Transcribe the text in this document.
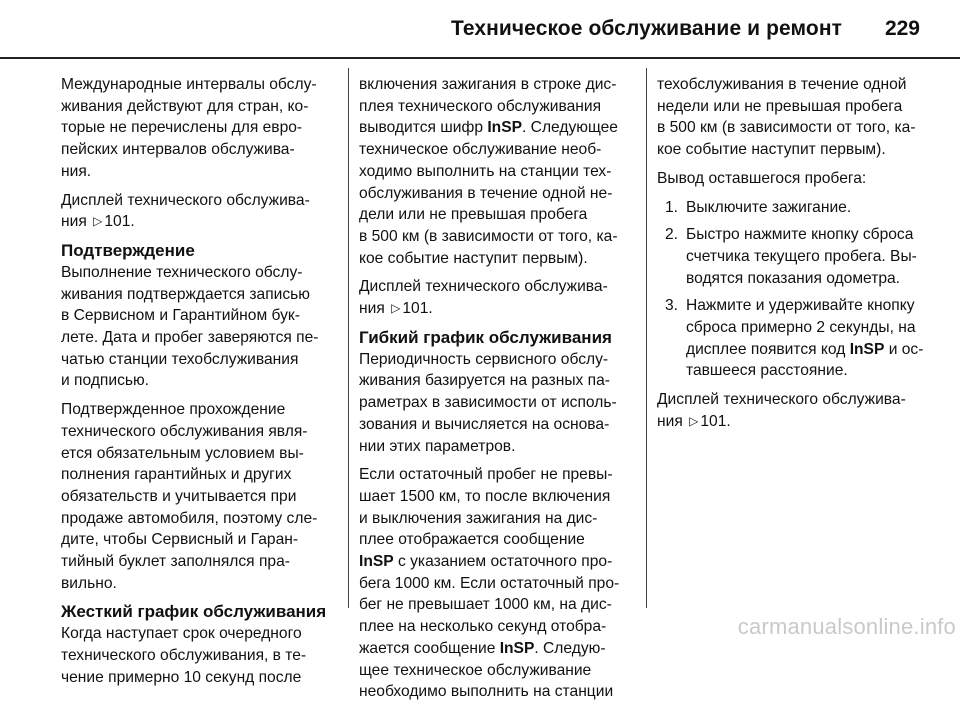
Техническое обслуживание и ремонт 229
Международные интервалы обслу-
живания действуют для стран, ко-
торые не перечислены для евро-
пейских интервалов обслужива-
ния.
Дисплей технического обслужива-
ния ▷ 101.
Подтверждение
Выполнение технического обслу-
живания подтверждается записью
в Сервисном и Гарантийном бук-
лете. Дата и пробег заверяются пе-
чатью станции техобслуживания
и подписью.
Подтвержденное прохождение
технического обслуживания явля-
ется обязательным условием вы-
полнения гарантийных и других
обязательств и учитывается при
продаже автомобиля, поэтому сле-
дите, чтобы Сервисный и Гаран-
тийный буклет заполнялся пра-
вильно.
Жесткий график обслуживания
Когда наступает срок очередного
технического обслуживания, в те-
чение примерно 10 секунд после
включения зажигания в строке дис-
плея технического обслуживания
выводится шифр InSP. Следующее
техническое обслуживание необ-
ходимо выполнить на станции тех-
обслуживания в течение одной не-
дели или не превышая пробега
в 500 км (в зависимости от того, ка-
кое событие наступит первым).
Дисплей технического обслужива-
ния ▷ 101.
Гибкий график обслуживания
Периодичность сервисного обслу-
живания базируется на разных па-
раметрах в зависимости от исполь-
зования и вычисляется на основа-
нии этих параметров.
Если остаточный пробег не превы-
шает 1500 км, то после включения
и выключения зажигания на дис-
плее отображается сообщение
InSP с указанием остаточного про-
бега 1000 км. Если остаточный про-
бег не превышает 1000 км, на дис-
плее на несколько секунд отобра-
жается сообщение InSP. Следую-
щее техническое обслуживание
необходимо выполнить на станции
техобслуживания в течение одной
недели или не превышая пробега
в 500 км (в зависимости от того, ка-
кое событие наступит первым).
Вывод оставшегося пробега:
1. Выключите зажигание.
2. Быстро нажмите кнопку сброса
счетчика текущего пробега. Вы-
водятся показания одометра.
3. Нажмите и удерживайте кнопку
сброса примерно 2 секунды, на
дисплее появится код InSP и ос-
тавшееся расстояние.
Дисплей технического обслужива-
ния ▷ 101.
carmanualsonline.info
